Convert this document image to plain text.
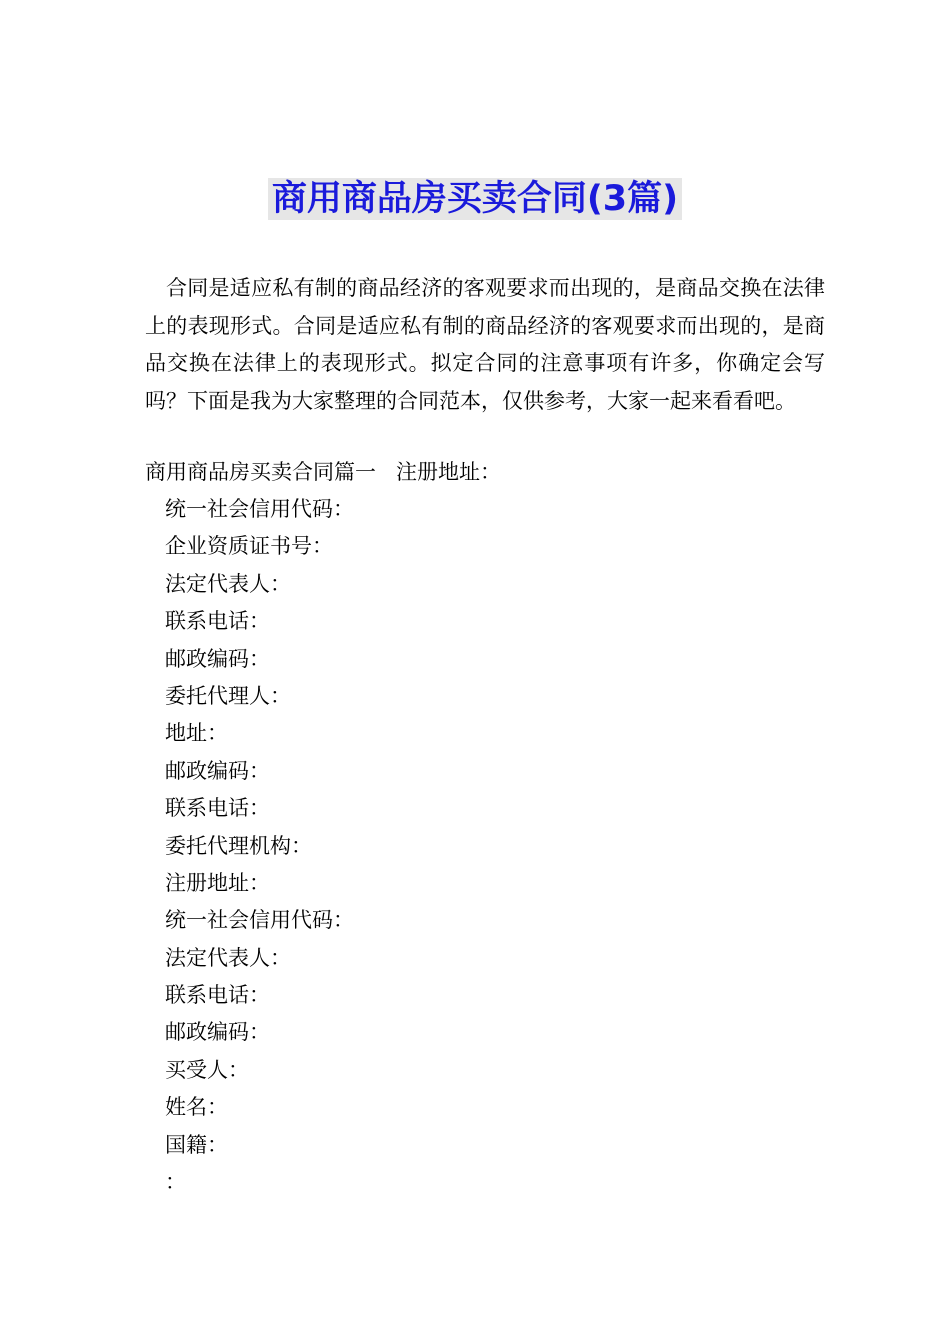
商用商品房买卖合同(3篇)

合同是适应私有制的商品经济的客观要求而出现的，是商品交换在法律上的表现形式。合同是适应私有制的商品经济的客观要求而出现的，是商品交换在法律上的表现形式。拟定合同的注意事项有许多，你确定会写吗？下面是我为大家整理的合同范本，仅供参考，大家一起来看看吧。

商用商品房买卖合同篇一 注册地址：
统一社会信用代码：
企业资质证书号：
法定代表人：
联系电话：
邮政编码：
委托代理人：
地址：
邮政编码：
联系电话：
委托代理机构：
注册地址：
统一社会信用代码：
法定代表人：
联系电话：
邮政编码：
买受人：
姓名：
国籍：
：
